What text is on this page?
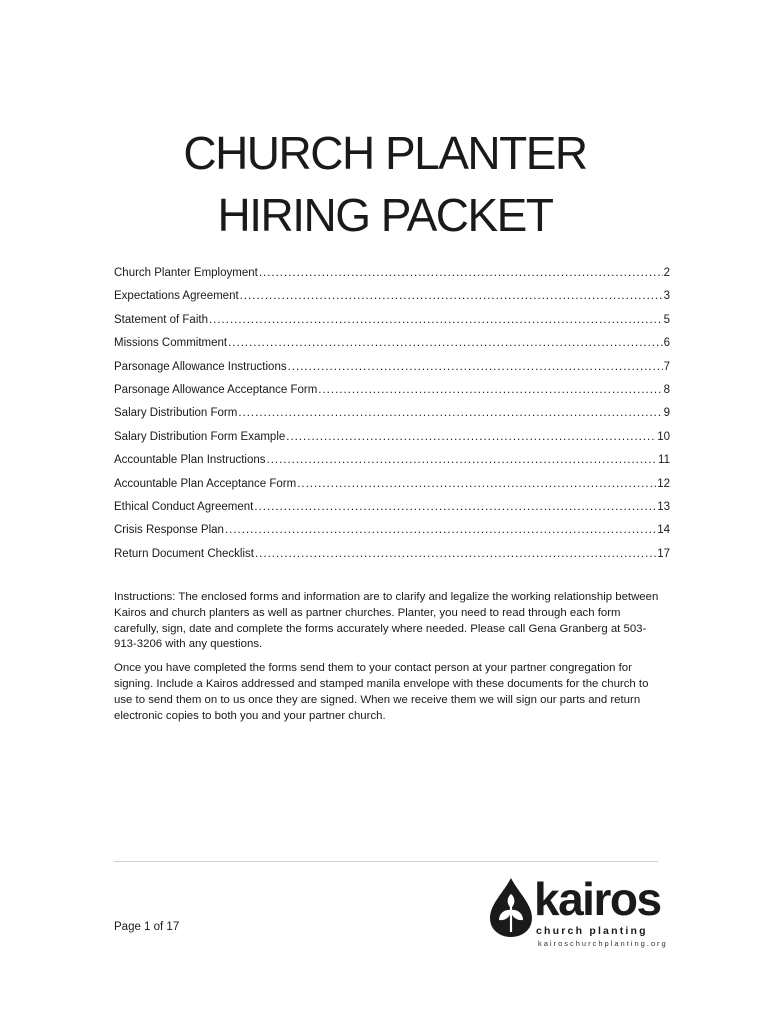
CHURCH PLANTER
HIRING PACKET
Church Planter Employment .....	2
Expectations Agreement .....	3
Statement of Faith .....	5
Missions Commitment .....	6
Parsonage Allowance Instructions .....	7
Parsonage Allowance Acceptance Form .....	8
Salary Distribution Form .....	9
Salary Distribution Form Example .....	10
Accountable Plan Instructions .....	11
Accountable Plan Acceptance Form .....	12
Ethical Conduct Agreement .....	13
Crisis Response Plan .....	14
Return Document Checklist .....	17

Instructions: The enclosed forms and information are to clarify and legalize the working relationship between Kairos and church planters as well as partner churches. Planter, you need to read through each form carefully, sign, date and complete the forms accurately where needed. Please call Gena Granberg at 503-913-3206 with any questions.

Once you have completed the forms send them to your contact person at your partner congregation for signing. Include a Kairos addressed and stamped manila envelope with these documents for the church to use to send them on to us once they are signed. When we receive them we will sign our parts and return electronic copies to both you and your partner church.

Page 1 of 17
kairos
church planting
kairoschurchplanting.org
